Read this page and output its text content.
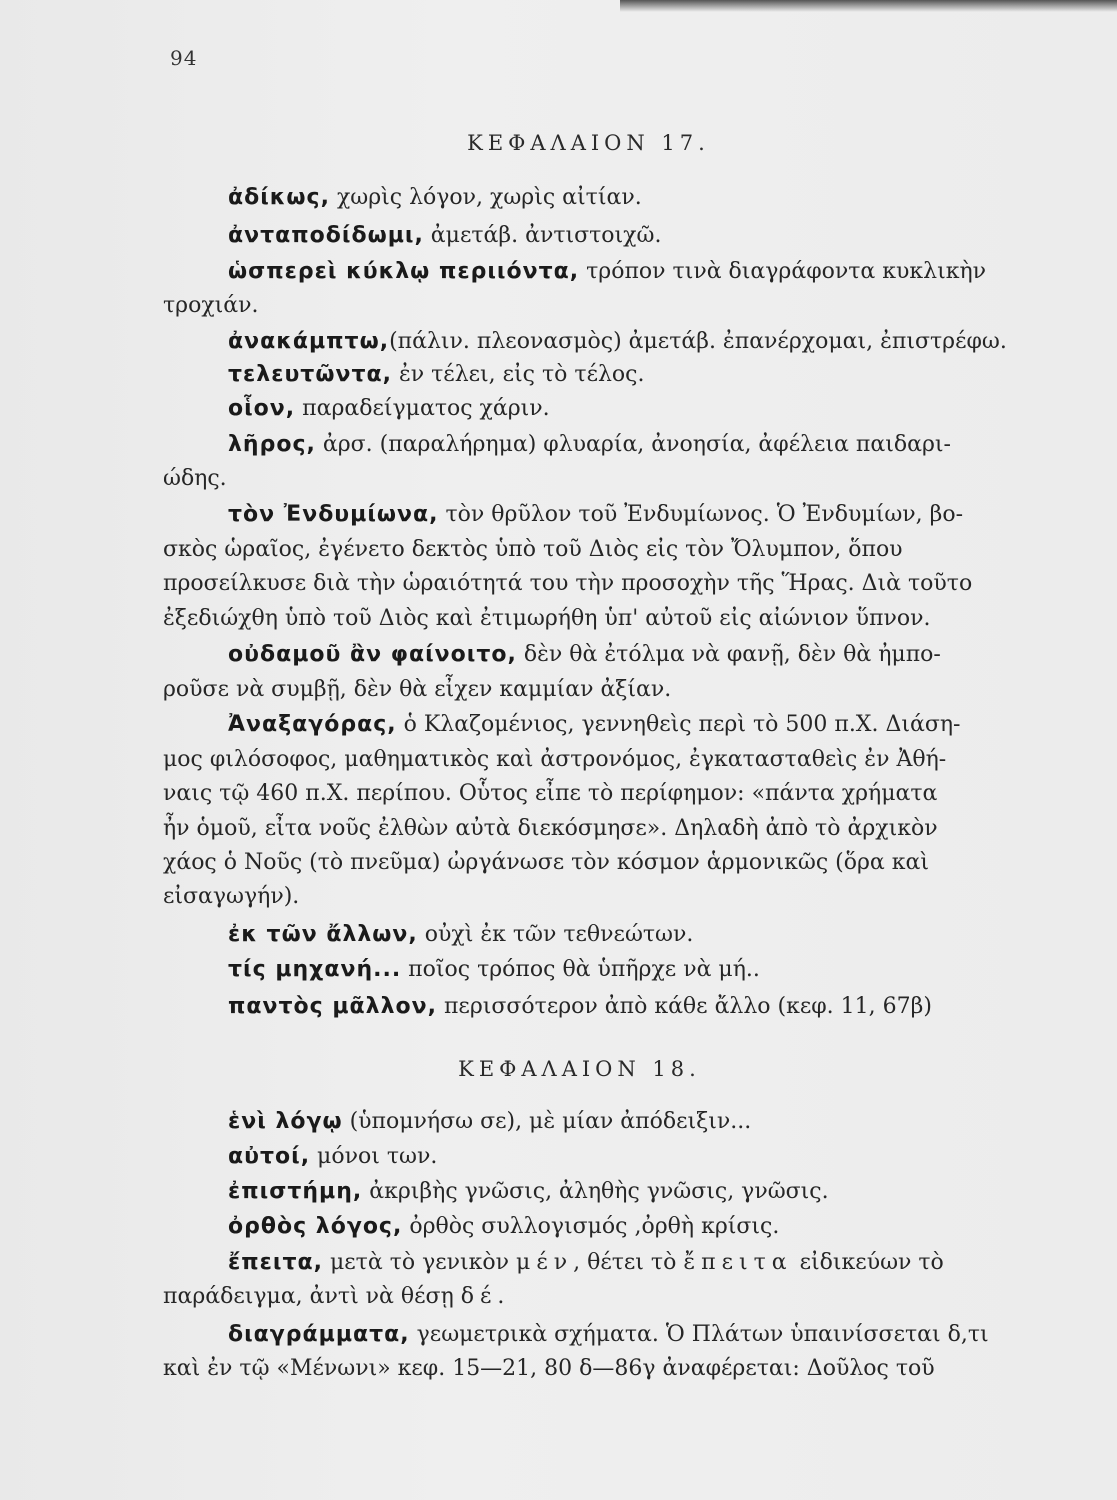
94
ΚΕΦΑΛΑΙΟΝ 17.
ἀδίκως, χωρὶς λόγον, χωρὶς αἰτίαν.
ἀνταποδίδωμι, ἀμετάβ. ἀντιστοιχῶ.
ὡσπερεὶ κύκλῳ περιιόντα, τρόπον τινὰ διαγράφοντα κυκλικὴν
τροχιάν.
ἀνακάμπτω,(πάλιν. πλεονασμὸς) ἀμετάβ. ἐπανέρχομαι, ἐπιστρέφω.
τελευτῶντα, ἐν τέλει, εἰς τὸ τέλος.
οἷον, παραδείγματος χάριν.
λῆρος, ἀρσ. (παραλήρημα) φλυαρία, ἀνοησία, ἀφέλεια παιδαρι-
ώδης.
τὸν Ἐνδυμίωνα, τὸν θρῦλον τοῦ Ἐνδυμίωνος. Ὁ Ἐνδυμίων, βο-
σκὸς ὡραῖος, ἐγένετο δεκτὸς ὑπὸ τοῦ Διὸς εἰς τὸν Ὄλυμπον, ὅπου
προσείλκυσε διὰ τὴν ὡραιότητά του τὴν προσοχὴν τῆς Ἥρας. Διὰ τοῦτο
ἐξεδιώχθη ὑπὸ τοῦ Διὸς καὶ ἐτιμωρήθη ὑπ' αὐτοῦ εἰς αἰώνιον ὕπνον.
οὐδαμοῦ ἂν φαίνοιτο, δὲν θὰ ἐτόλμα νὰ φανῇ, δὲν θὰ ἠμπο-
ροῦσε νὰ συμβῇ, δὲν θὰ εἶχεν καμμίαν ἀξίαν.
Ἀναξαγόρας, ὁ Κλαζομένιος, γεννηθεὶς περὶ τὸ 500 π.Χ. Διάση-
μος φιλόσοφος, μαθηματικὸς καὶ ἀστρονόμος, ἐγκατασταθεὶς ἐν Ἀθή-
ναις τῷ 460 π.Χ. περίπου. Οὗτος εἶπε τὸ περίφημον: «πάντα χρήματα
ἦν ὁμοῦ, εἶτα νοῦς ἐλθὼν αὐτὰ διεκόσμησε». Δηλαδὴ ἀπὸ τὸ ἀρχικὸν
χάος ὁ Νοῦς (τὸ πνεῦμα) ὠργάνωσε τὸν κόσμον ἁρμονικῶς (ὅρα καὶ
εἰσαγωγήν).
ἐκ τῶν ἄλλων, οὐχὶ ἐκ τῶν τεθνεώτων.
τίς μηχανή... ποῖος τρόπος θὰ ὑπῆρχε νὰ μή..
παντὸς μᾶλλον, περισσότερον ἀπὸ κάθε ἄλλο (κεφ. 11, 67β)
ΚΕΦΑΛΑΙΟΝ 18.
ἑνὶ λόγῳ (ὑπομνήσω σε), μὲ μίαν ἀπόδειξιν...
αὐτοί, μόνοι των.
ἐπιστήμη, ἀκριβὴς γνῶσις, ἀληθὴς γνῶσις, γνῶσις.
ὀρθὸς λόγος, ὀρθὸς συλλογισμός ,ὀρθὴ κρίσις.
ἔπειτα, μετὰ τὸ γενικὸν μέν, θέτει τὸ ἔπειτα εἰδικεύων τὸ
παράδειγμα, ἀντὶ νὰ θέσῃ δέ.
διαγράμματα, γεωμετρικὰ σχήματα. Ὁ Πλάτων ὑπαινίσσεται δ,τι
καὶ ἐν τῷ «Μένωνι» κεφ. 15—21, 80 δ—86γ ἀναφέρεται: Δοῦλος τοῦ
